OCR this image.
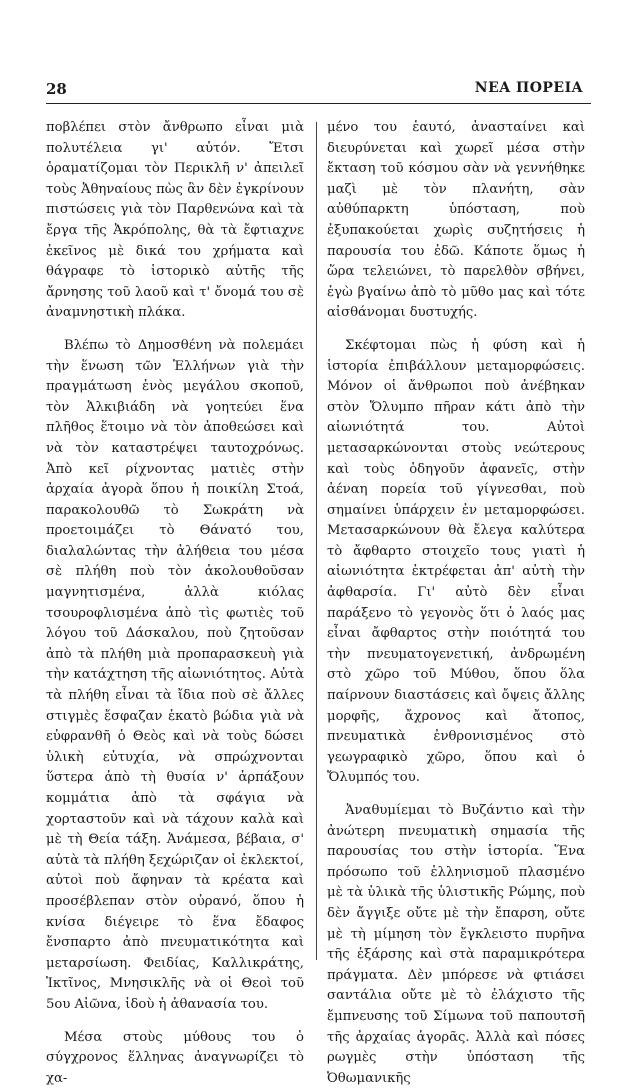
28	ΝΕΑ ΠΟΡΕΙΑ

ποβλέπει στὸν ἄνθρωπο εἶναι μιὰ πολυτέλεια γι' αὐτόν. Ἔτσι ὁραματίζομαι τὸν Περικλῆ ν' ἀπειλεῖ τοὺς Ἀθηναίους πὼς ἂν δὲν ἐγκρίνουν πιστώσεις γιὰ τὸν Παρθενώνα καὶ τὰ ἔργα τῆς Ἀκρόπολης, θὰ τὰ ἔφτιαχνε ἐκεῖνος μὲ δικά του χρήματα καὶ θάγραφε τὸ ἱστορικὸ αὐτῆς τῆς ἄρνησης τοῦ λαοῦ καὶ τ' ὄνομά του σὲ ἀναμνηστικὴ πλάκα.

Βλέπω τὸ Δημοσθένη νὰ πολεμάει τὴν ἕνωση τῶν Ἑλλήνων γιὰ τὴν πραγμάτωση ἑνὸς μεγάλου σκοποῦ, τὸν Ἀλκιβιάδη νὰ γοητεύει ἕνα πλῆθος ἕτοιμο νὰ τὸν ἀποθεώσει καὶ νὰ τὸν καταστρέψει ταυτοχρόνως. Ἀπὸ κεῖ ρίχνοντας ματιὲς στὴν ἀρχαία ἀγορὰ ὅπου ἡ ποικίλη Στοά, παρακολουθῶ τὸ Σωκράτη νὰ προετοιμάζει τὸ Θάνατό του, διαλαλώντας τὴν ἀλήθεια του μέσα σὲ πλήθη ποὺ τὸν ἀκολουθοῦσαν μαγνητισμένα, ἀλλὰ κιόλας τσουροφλισμένα ἀπὸ τὶς φωτιὲς τοῦ λόγου τοῦ Δάσκαλου, ποὺ ζητοῦσαν ἀπὸ τὰ πλήθη μιὰ προπαρασκευὴ γιὰ τὴν κατάχτηση τῆς αἰωνιότητος. Αὐτὰ τὰ πλήθη εἶναι τὰ ἴδια ποὺ σὲ ἄλλες στιγμὲς ἔσφαζαν ἑκατὸ βώδια γιὰ νὰ εὐφρανθῆ ὁ Θεὸς καὶ νὰ τοὺς δώσει ὑλικὴ εὐτυχία, νὰ σπρώχνονται ὕστερα ἀπὸ τὴ θυσία ν' ἁρπάξουν κομμάτια ἀπὸ τὰ σφάγια νὰ χορταστοῦν καὶ νὰ τάχουν καλὰ καὶ μὲ τὴ Θεία τάξη. Ἀνάμεσα, βέβαια, σ' αὐτὰ τὰ πλήθη ξεχώριζαν οἱ ἐκλεκτοί, αὐτοὶ ποὺ ἄφηναν τὰ κρέατα καὶ προσέβλεπαν στὸν οὐρανό, ὅπου ἡ κνίσα διέγειρε τὸ ἕνα ἔδαφος ἔνσπαρτο ἀπὸ πνευματικότητα καὶ μεταρσίωση. Φειδίας, Καλλικράτης, Ἰκτῖνος, Μνησικλῆς νὰ οἱ Θεοὶ τοῦ 5ου Αἰῶνα, ἰδοὺ ἡ ἀθανασία του.

Μέσα στοὺς μύθους του ὁ σύγχρονος ἕλληνας ἀναγνωρίζει τὸ χα-

μένο του ἑαυτό, ἀνασταίνει καὶ διευρύνεται καὶ χωρεῖ μέσα στὴν ἔκταση τοῦ κόσμου σὰν νὰ γεννήθηκε μαζὶ μὲ τὸν πλανήτη, σὰν αὐθύπαρκτη ὑπόσταση, ποὺ ἐξυπακούεται χωρὶς συζητήσεις ἡ παρουσία του ἐδῶ. Κάποτε ὅμως ἡ ὥρα τελειώνει, τὸ παρελθὸν σβήνει, ἐγὼ βγαίνω ἀπὸ τὸ μῦθο μας καὶ τότε αἰσθάνομαι δυστυχής.

Σκέφτομαι πὼς ἡ φύση καὶ ἡ ἱστορία ἐπιβάλλουν μεταμορφώσεις. Μόνον οἱ ἄνθρωποι ποὺ ἀνέβηκαν στὸν Ὄλυμπο πῆραν κάτι ἀπὸ τὴν αἰωνιότητά του. Αὐτοὶ μετασαρκώνονται στοὺς νεώτερους καὶ τοὺς ὁδηγοῦν ἀφανεῖς, στὴν ἀέναη πορεία τοῦ γίγνεσθαι, ποὺ σημαίνει ὑπάρχειν ἐν μεταμορφώσει. Μετασαρκώνουν θὰ ἔλεγα καλύτερα τὸ ἄφθαρτο στοιχεῖο τους γιατὶ ἡ αἰωνιότητα ἐκτρέφεται ἀπ' αὐτὴ τὴν ἀφθαρσία. Γι' αὐτὸ δὲν εἶναι παράξενο τὸ γεγονὸς ὅτι ὁ λαός μας εἶναι ἄφθαρτος στὴν ποιότητά του τὴν πνευματογενετική, ἀνδρωμένη στὸ χῶρο τοῦ Μύθου, ὅπου ὅλα παίρνουν διαστάσεις καὶ ὄψεις ἄλλης μορφῆς, ἄχρονος καὶ ἄτοπος, πνευματικὰ ἐνθρονισμένος στὸ γεωγραφικὸ χῶρο, ὅπου καὶ ὁ Ὄλυμπός του.

Ἀναθυμίεμαι τὸ Βυζάντιο καὶ τὴν ἀνώτερη πνευματικὴ σημασία τῆς παρουσίας του στὴν ἱστορία. Ἕνα πρόσωπο τοῦ ἑλληνισμοῦ πλασμένο μὲ τὰ ὑλικὰ τῆς ὑλιστικῆς Ρώμης, ποὺ δὲν ἄγγιξε οὔτε μὲ τὴν ἔπαρση, οὔτε μὲ τὴ μίμηση τὸν ἔγκλειστο πυρῆνα τῆς ἐξάρσης καὶ στὰ παραμικρότερα πράγματα. Δὲν μπόρεσε νὰ φτιάσει σαντάλια οὔτε μὲ τὸ ἐλάχιστο τῆς ἔμπνευσης τοῦ Σίμωνα τοῦ παπουτσῆ τῆς ἀρχαίας ἀγορᾶς. Ἀλλὰ καὶ πόσες ρωγμὲς στὴν ὑπόσταση τῆς Ὀθωμανικῆς
